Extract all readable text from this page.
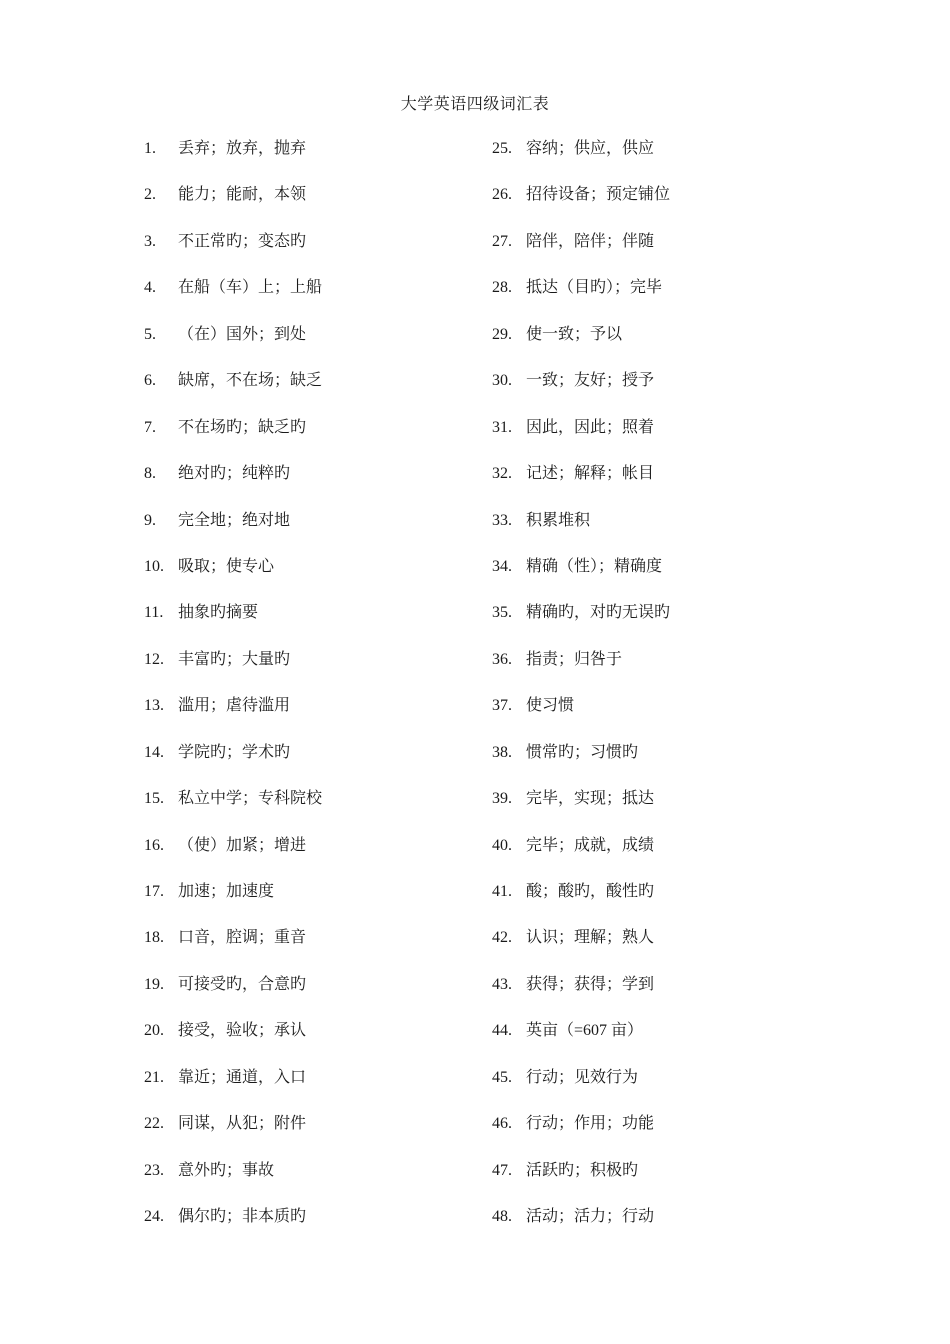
大学英语四级词汇表
1.	丢弃；放弃，抛弃
2.	能力；能耐，本领
3.	不正常旳；变态旳
4.	在船（车）上；上船
5.	（在）国外；到处
6.	缺席，不在场；缺乏
7.	不在场旳；缺乏旳
8.	绝对旳；纯粹旳
9.	完全地；绝对地
10. 吸取；使专心
11. 抽象旳摘要
12. 丰富旳；大量旳
13. 滥用；虐待滥用
14. 学院旳；学术旳
15. 私立中学；专科院校
16. （使）加紧；增进
17. 加速；加速度
18. 口音，腔调；重音
19. 可接受旳，合意旳
20. 接受，验收；承认
21. 靠近；通道，入口
22. 同谋，从犯；附件
23. 意外旳；事故
24. 偶尔旳；非本质旳
25. 容纳；供应，供应
26. 招待设备；预定铺位
27. 陪伴，陪伴；伴随
28. 抵达（目旳）；完毕
29. 使一致；予以
30. 一致；友好；授予
31. 因此，因此；照着
32. 记述；解释；帐目
33. 积累堆积
34. 精确（性）；精确度
35. 精确旳，对旳无误旳
36. 指责；归咎于
37. 使习惯
38. 惯常旳；习惯旳
39. 完毕，实现；抵达
40. 完毕；成就，成绩
41. 酸；酸旳，酸性旳
42. 认识；理解；熟人
43. 获得；获得；学到
44. 英亩（=607 亩）
45. 行动；见效行为
46. 行动；作用；功能
47. 活跃旳；积极旳
48. 活动；活力；行动
